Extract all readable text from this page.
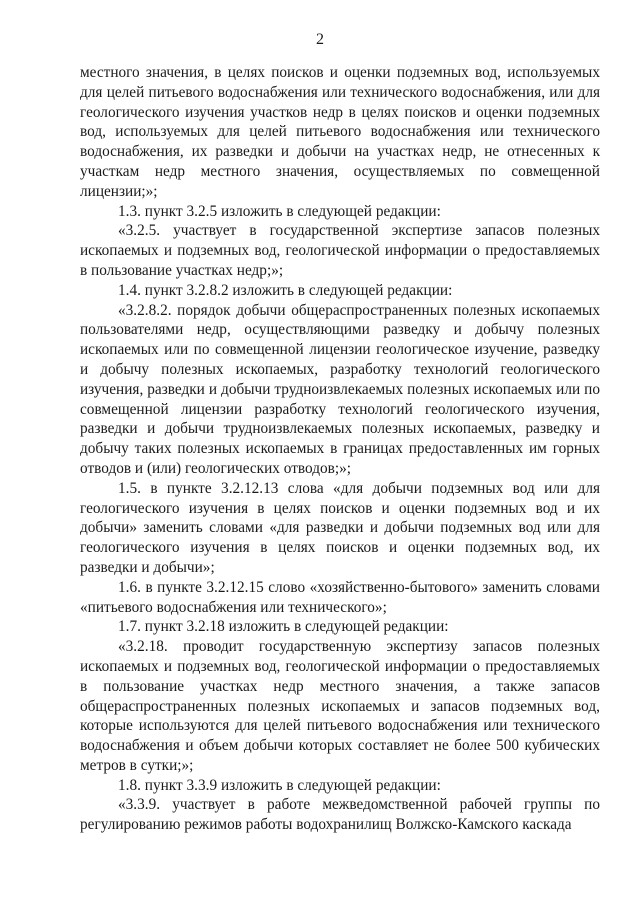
2

местного значения, в целях поисков и оценки подземных вод, используемых для целей питьевого водоснабжения или технического водоснабжения, или для геологического изучения участков недр в целях поисков и оценки подземных вод, используемых для целей питьевого водоснабжения или технического водоснабжения, их разведки и добычи на участках недр, не отнесенных к участкам недр местного значения, осуществляемых по совмещенной лицензии;»;

1.3. пункт 3.2.5 изложить в следующей редакции:

«3.2.5. участвует в государственной экспертизе запасов полезных ископаемых и подземных вод, геологической информации о предоставляемых в пользование участках недр;»;

1.4. пункт 3.2.8.2 изложить в следующей редакции:

«3.2.8.2. порядок добычи общераспространенных полезных ископаемых пользователями недр, осуществляющими разведку и добычу полезных ископаемых или по совмещенной лицензии геологическое изучение, разведку и добычу полезных ископаемых, разработку технологий геологического изучения, разведки и добычи трудноизвлекаемых полезных ископаемых или по совмещенной лицензии разработку технологий геологического изучения, разведки и добычи трудноизвлекаемых полезных ископаемых, разведку и добычу таких полезных ископаемых в границах предоставленных им горных отводов и (или) геологических отводов;»;

1.5. в пункте 3.2.12.13 слова «для добычи подземных вод или для геологического изучения в целях поисков и оценки подземных вод и их добычи» заменить словами «для разведки и добычи подземных вод или для геологического изучения в целях поисков и оценки подземных вод, их разведки и добычи»;

1.6. в пункте 3.2.12.15 слово «хозяйственно-бытового» заменить словами «питьевого водоснабжения или технического»;

1.7. пункт 3.2.18 изложить в следующей редакции:

«3.2.18. проводит государственную экспертизу запасов полезных ископаемых и подземных вод, геологической информации о предоставляемых в пользование участках недр местного значения, а также запасов общераспространенных полезных ископаемых и запасов подземных вод, которые используются для целей питьевого водоснабжения или технического водоснабжения и объем добычи которых составляет не более 500 кубических метров в сутки;»;

1.8. пункт 3.3.9 изложить в следующей редакции:

«3.3.9. участвует в работе межведомственной рабочей группы по регулированию режимов работы водохранилищ Волжско-Камского каскада
